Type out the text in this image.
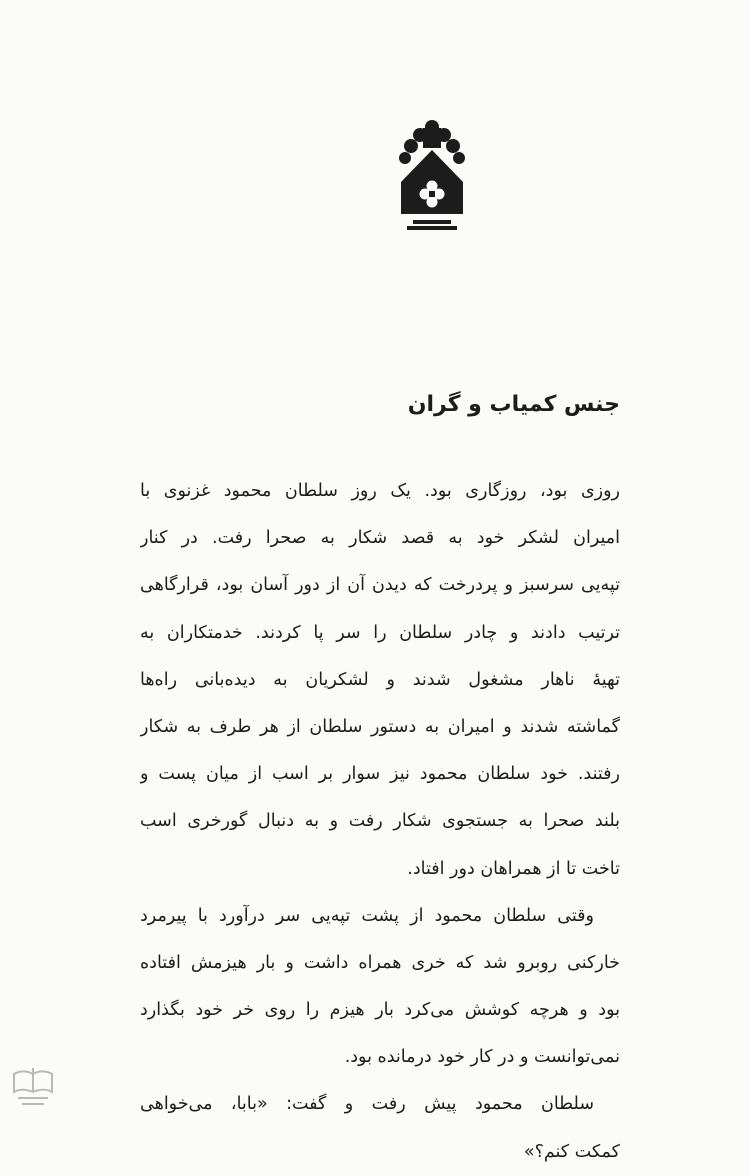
جنس کمیاب و گران
روزی بود، روزگاری بود. یک روز سلطان محمود غزنوی با
امیران لشکر خود به قصد شکار به صحرا رفت. در کنار
تپه‌یی سرسبز و پردرخت که دیدن آن از دور آسان بود، قرارگاهی
ترتیب دادند و چادر سلطان را سر پا کردند. خدمتکاران به
تهیهٔ ناهار مشغول شدند و لشکریان به دیده‌بانی راه‌ها
گماشته شدند و امیران به دستور سلطان از هر طرف به شکار
رفتند. خود سلطان محمود نیز سوار بر اسب از میان پست و
بلند صحرا به جستجوی شکار رفت و به دنبال گورخری اسب
تاخت تا از همراهان دور افتاد.
وقتی سلطان محمود از پشت تپه‌یی سر درآورد با پیرمرد
خارکنی روبرو شد که خری همراه داشت و بار هیزمش افتاده
بود و هرچه کوشش می‌کرد بار هیزم را روی خر خود بگذارد
نمی‌توانست و در کار خود درمانده بود.
سلطان محمود پیش رفت و گفت: «بابا، می‌خواهی
کمکت کنم؟»
